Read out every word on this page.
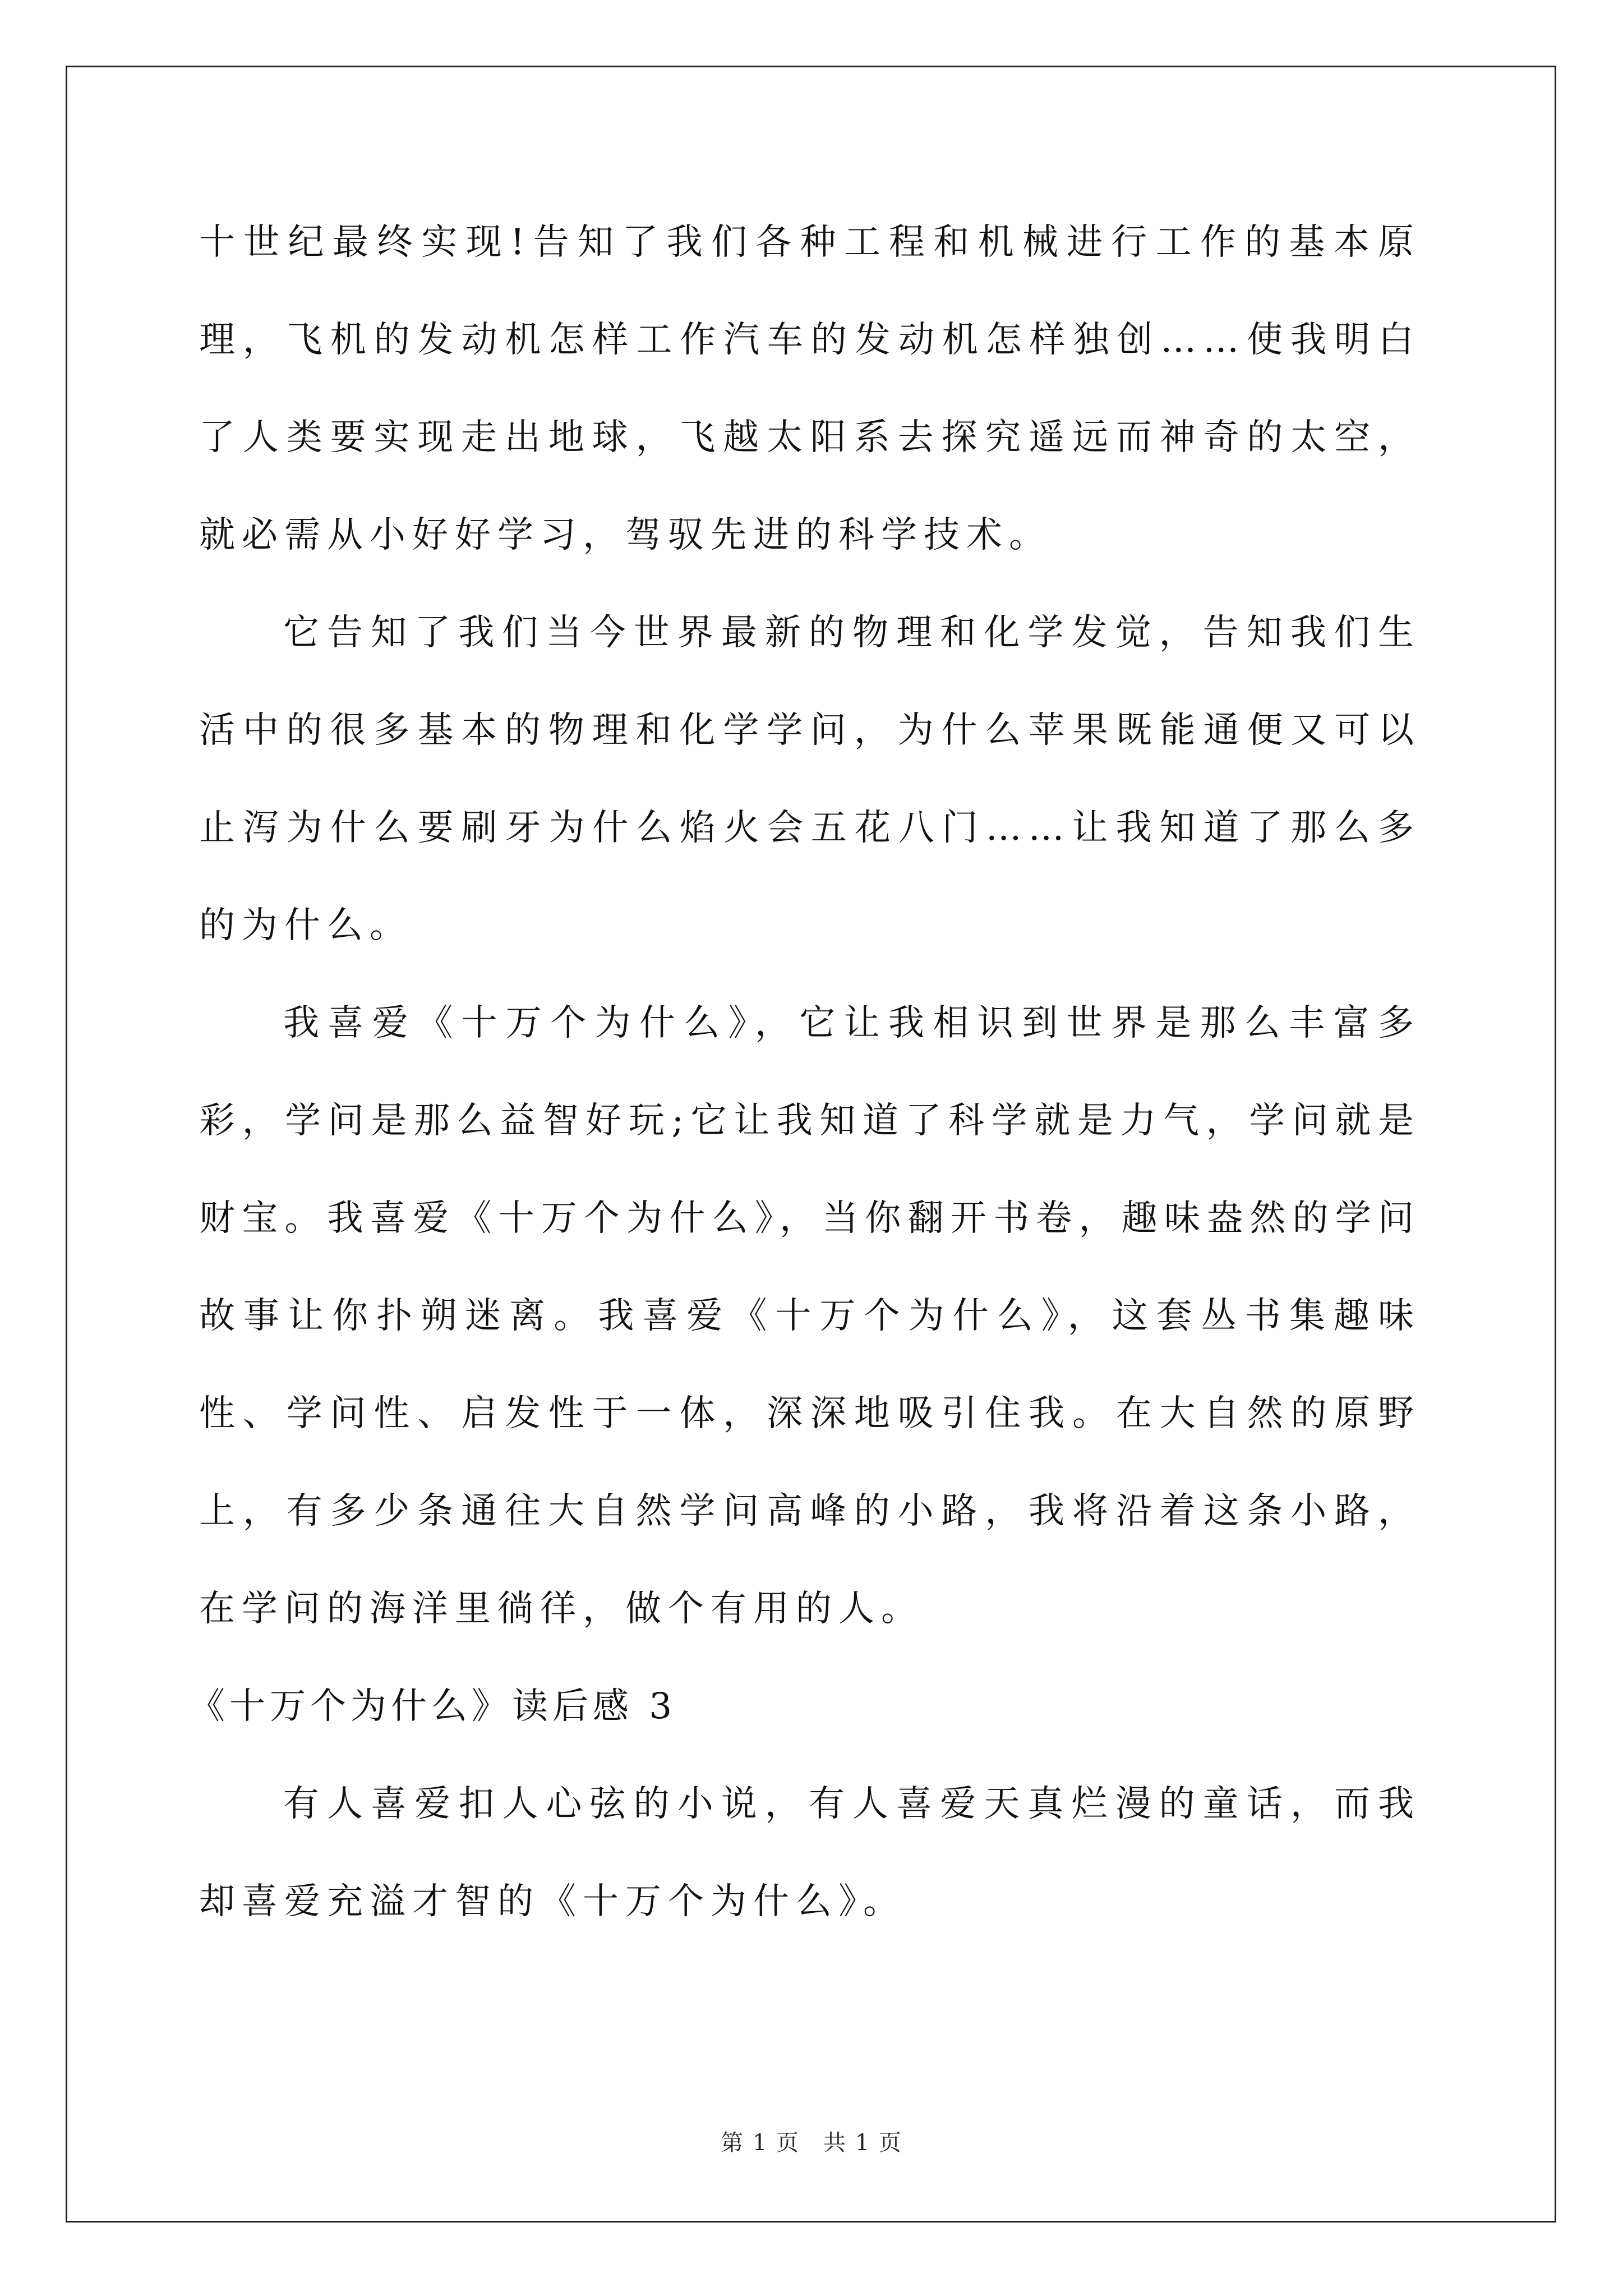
十世纪最终实现!告知了我们各种工程和机械进行工作的基本原理，飞机的发动机怎样工作汽车的发动机怎样独创……使我明白了人类要实现走出地球，飞越太阳系去探究遥远而神奇的太空，就必需从小好好学习，驾驭先进的科学技术。

它告知了我们当今世界最新的物理和化学发觉，告知我们生活中的很多基本的物理和化学学问，为什么苹果既能通便又可以止泻为什么要刷牙为什么焰火会五花八门……让我知道了那么多的为什么。

我喜爱《十万个为什么》，它让我相识到世界是那么丰富多彩，学问是那么益智好玩;它让我知道了科学就是力气，学问就是财宝。我喜爱《十万个为什么》，当你翻开书卷，趣味盎然的学问故事让你扑朔迷离。我喜爱《十万个为什么》，这套丛书集趣味性、学问性、启发性于一体，深深地吸引住我。在大自然的原野上，有多少条通往大自然学问高峰的小路，我将沿着这条小路，在学问的海洋里徜徉，做个有用的人。

《十万个为什么》读后感 3

有人喜爱扣人心弦的小说，有人喜爱天真烂漫的童话，而我却喜爱充溢才智的《十万个为什么》。

第 1 页　共 1 页
